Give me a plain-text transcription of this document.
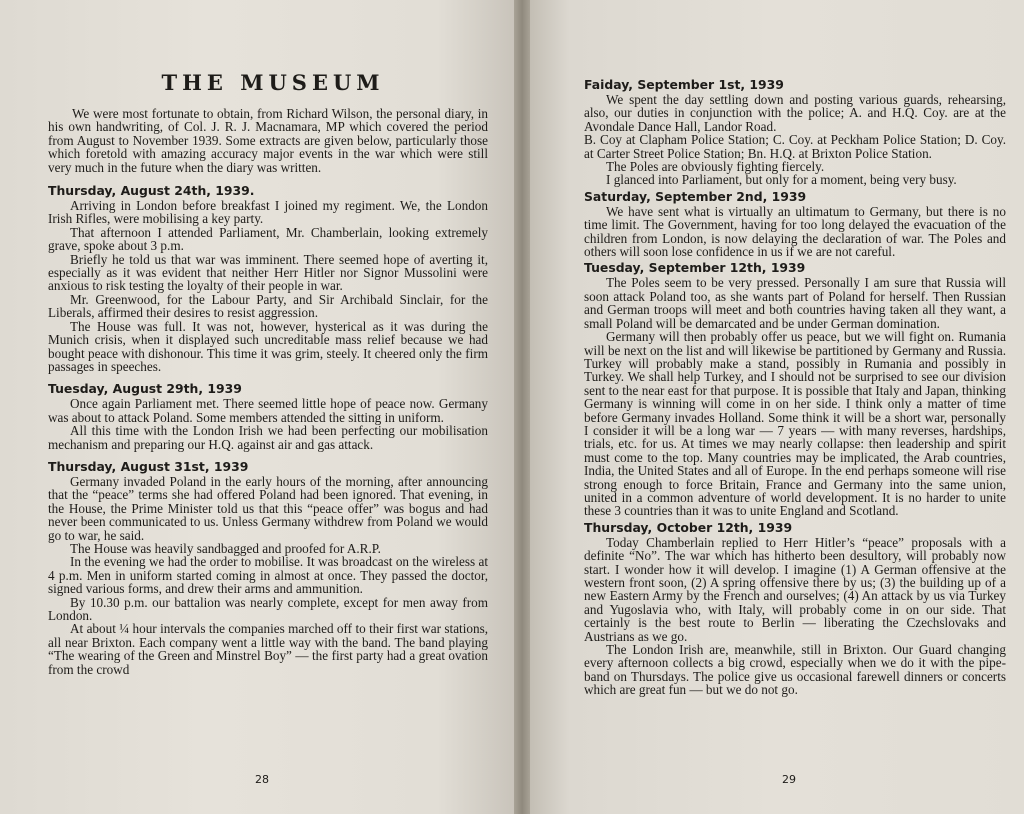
THE MUSEUM

We were most fortunate to obtain, from Richard Wilson, the personal diary, in his own handwriting, of Col. J. R. J. Macnamara, MP which covered the period from August to November 1939. Some extracts are given below, particularly those which foretold with amazing accuracy major events in the war which were still very much in the future when the diary was written.

Thursday, August 24th, 1939.

Arriving in London before breakfast I joined my regiment. We, the London Irish Rifles, were mobilising a key party.

That afternoon I attended Parliament, Mr. Chamberlain, looking extremely grave, spoke about 3 p.m.

Briefly he told us that war was imminent. There seemed hope of averting it, especially as it was evident that neither Herr Hitler nor Signor Mussolini were anxious to risk testing the loyalty of their people in war.

Mr. Greenwood, for the Labour Party, and Sir Archibald Sinclair, for the Liberals, affirmed their desires to resist aggression.

The House was full. It was not, however, hysterical as it was during the Munich crisis, when it displayed such uncreditable mass relief because we had bought peace with dishonour. This time it was grim, steely. It cheered only the firm passages in speeches.

Tuesday, August 29th, 1939

Once again Parliament met. There seemed little hope of peace now. Germany was about to attack Poland. Some members attended the sitting in uniform.

All this time with the London Irish we had been perfecting our mobilisation mechanism and preparing our H.Q. against air and gas attack.

Thursday, August 31st, 1939

Germany invaded Poland in the early hours of the morning, after announcing that the “peace” terms she had offered Poland had been ignored. That evening, in the House, the Prime Minister told us that this “peace offer” was bogus and had never been communicated to us. Unless Germany withdrew from Poland we would go to war, he said.

The House was heavily sandbagged and proofed for A.R.P.

In the evening we had the order to mobilise. It was broadcast on the wireless at 4 p.m. Men in uniform started coming in almost at once. They passed the doctor, signed various forms, and drew their arms and ammunition.

By 10.30 p.m. our battalion was nearly complete, except for men away from London.

At about ¼ hour intervals the companies marched off to their first war stations, all near Brixton. Each company went a little way with the band. The band playing “The wearing of the Green and Minstrel Boy” — the first party had a great ovation from the crowd

28
Faiday, September 1st, 1939

We spent the day settling down and posting various guards, rehearsing, also, our duties in conjunction with the police; A. and H.Q. Coy. are at the Avondale Dance Hall, Landor Road.

B. Coy at Clapham Police Station; C. Coy. at Peckham Police Station; D. Coy. at Carter Street Police Station; Bn. H.Q. at Brixton Police Station.

The Poles are obviously fighting fiercely.

I glanced into Parliament, but only for a moment, being very busy.

Saturday, September 2nd, 1939

We have sent what is virtually an ultimatum to Germany, but there is no time limit. The Government, having for too long delayed the evacuation of the children from London, is now delaying the declaration of war. The Poles and others will soon lose confidence in us if we are not careful.

Tuesday, September 12th, 1939

The Poles seem to be very pressed. Personally I am sure that Russia will soon attack Poland too, as she wants part of Poland for herself. Then Russian and German troops will meet and both countries having taken all they want, a small Poland will be demarcated and be under German domination.

Germany will then probably offer us peace, but we will fight on. Rumania will be next on the list and will likewise be partitioned by Germany and Russia. Turkey will probably make a stand, possibly in Rumania and possibly in Turkey. We shall help Turkey, and I should not be surprised to see our division sent to the near east for that purpose. It is possible that Italy and Japan, thinking Germany is winning will come in on her side. I think only a matter of time before Germany invades Holland. Some think it will be a short war, personally I consider it will be a long war — 7 years — with many reverses, hardships, trials, etc. for us. At times we may nearly collapse: then leadership and spirit must come to the top. Many countries may be implicated, the Arab countries, India, the United States and all of Europe. In the end perhaps someone will rise strong enough to force Britain, France and Germany into the same union, united in a common adventure of world development. It is no harder to unite these 3 countries than it was to unite England and Scotland.

Thursday, October 12th, 1939

Today Chamberlain replied to Herr Hitler’s “peace” proposals with a definite “No”. The war which has hitherto been desultory, will probably now start. I wonder how it will develop. I imagine (1) A German offensive at the western front soon, (2) A spring offensive there by us; (3) the building up of a new Eastern Army by the French and ourselves; (4) An attack by us via Turkey and Yugoslavia who, with Italy, will probably come in on our side. That certainly is the best route to Berlin — liberating the Czechslovaks and Austrians as we go.

The London Irish are, meanwhile, still in Brixton. Our Guard changing every afternoon collects a big crowd, especially when we do it with the pipe-band on Thursdays. The police give us occasional farewell dinners or concerts which are great fun — but we do not go.

29
